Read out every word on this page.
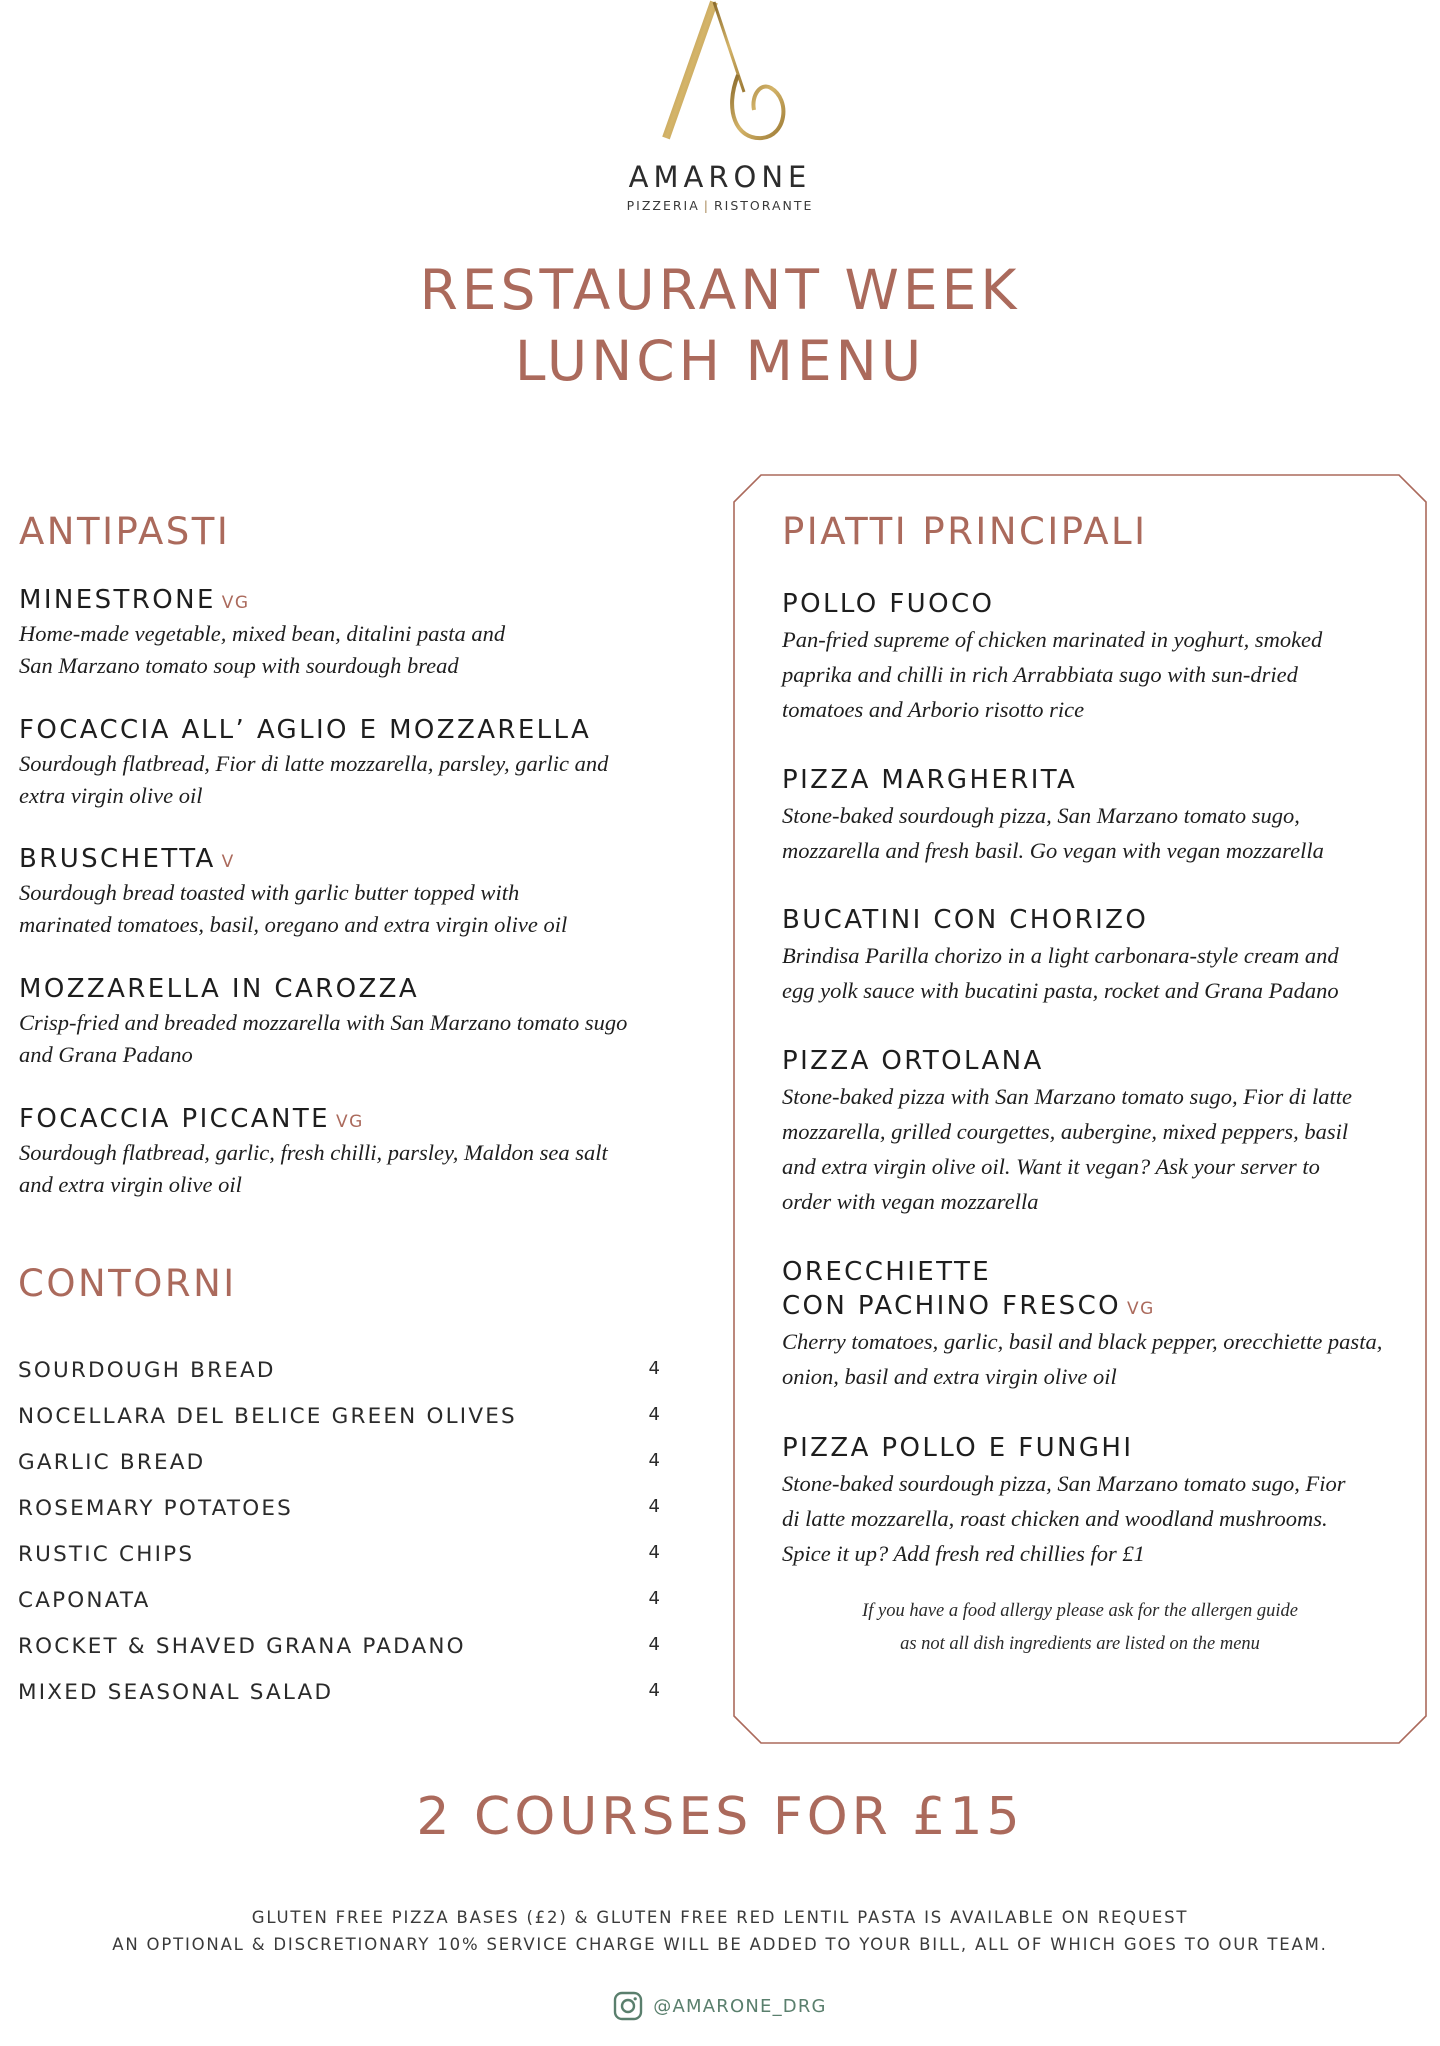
AMARONE
PIZZERIA | RISTORANTE
RESTAURANT WEEK
LUNCH MENU
ANTIPASTI
MINESTRONE VG
Home-made vegetable, mixed bean, ditalini pasta and
San Marzano tomato soup with sourdough bread
FOCACCIA ALL’ AGLIO E MOZZARELLA
Sourdough flatbread, Fior di latte mozzarella, parsley, garlic and
extra virgin olive oil
BRUSCHETTA V
Sourdough bread toasted with garlic butter topped with
marinated tomatoes, basil, oregano and extra virgin olive oil
MOZZARELLA IN CAROZZA
Crisp-fried and breaded mozzarella with San Marzano tomato sugo
and Grana Padano
FOCACCIA PICCANTE VG
Sourdough flatbread, garlic, fresh chilli, parsley, Maldon sea salt
and extra virgin olive oil
CONTORNI
SOURDOUGH BREAD	4
NOCELLARA DEL BELICE GREEN OLIVES	4
GARLIC BREAD	4
ROSEMARY POTATOES	4
RUSTIC CHIPS	4
CAPONATA	4
ROCKET & SHAVED GRANA PADANO	4
MIXED SEASONAL SALAD	4
PIATTI PRINCIPALI
POLLO FUOCO
Pan-fried supreme of chicken marinated in yoghurt, smoked
paprika and chilli in rich Arrabbiata sugo with sun-dried
tomatoes and Arborio risotto rice
PIZZA MARGHERITA
Stone-baked sourdough pizza, San Marzano tomato sugo,
mozzarella and fresh basil. Go vegan with vegan mozzarella
BUCATINI CON CHORIZO
Brindisa Parilla chorizo in a light carbonara-style cream and
egg yolk sauce with bucatini pasta, rocket and Grana Padano
PIZZA ORTOLANA
Stone-baked pizza with San Marzano tomato sugo, Fior di latte
mozzarella, grilled courgettes, aubergine, mixed peppers, basil
and extra virgin olive oil. Want it vegan? Ask your server to
order with vegan mozzarella
ORECCHIETTE
CON PACHINO FRESCO VG
Cherry tomatoes, garlic, basil and black pepper, orecchiette pasta,
onion, basil and extra virgin olive oil
PIZZA POLLO E FUNGHI
Stone-baked sourdough pizza, San Marzano tomato sugo, Fior
di latte mozzarella, roast chicken and woodland mushrooms.
Spice it up? Add fresh red chillies for £1
If you have a food allergy please ask for the allergen guide
as not all dish ingredients are listed on the menu
2 COURSES FOR £15
GLUTEN FREE PIZZA BASES (£2) & GLUTEN FREE RED LENTIL PASTA IS AVAILABLE ON REQUEST
AN OPTIONAL & DISCRETIONARY 10% SERVICE CHARGE WILL BE ADDED TO YOUR BILL, ALL OF WHICH GOES TO OUR TEAM.
@AMARONE_DRG
